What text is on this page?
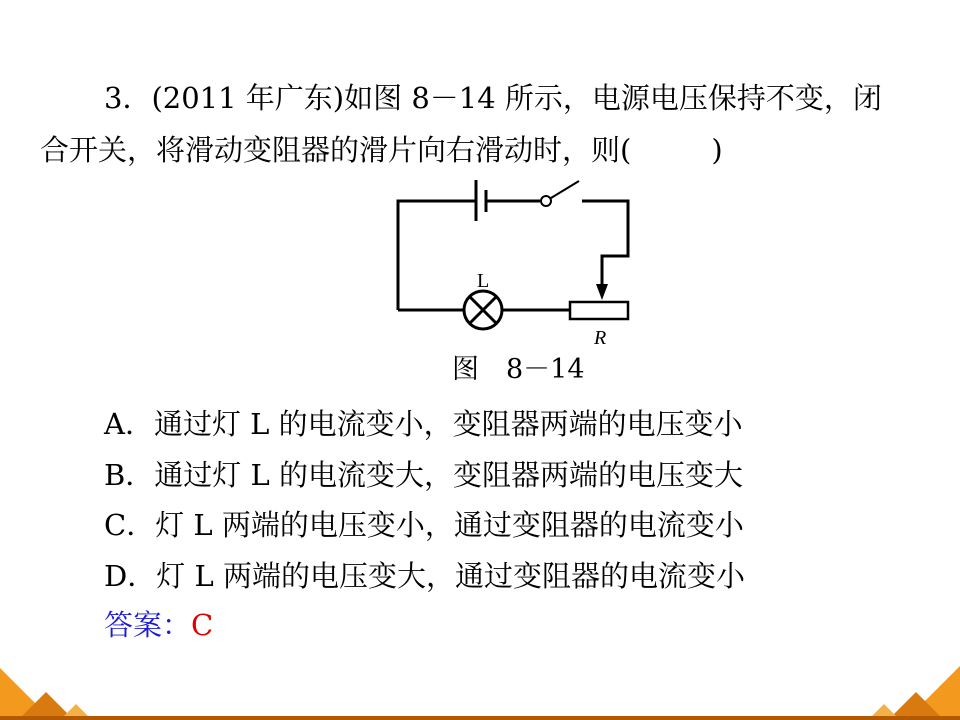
3．(2011 年广东)如图 8－14 所示，电源电压保持不变，闭
合开关，将滑动变阻器的滑片向右滑动时，则(	)
L
R
图　8－14
A．通过灯 L 的电流变小，变阻器两端的电压变小
B．通过灯 L 的电流变大，变阻器两端的电压变大
C．灯 L 两端的电压变小，通过变阻器的电流变小
D．灯 L 两端的电压变大，通过变阻器的电流变小
答案：C
